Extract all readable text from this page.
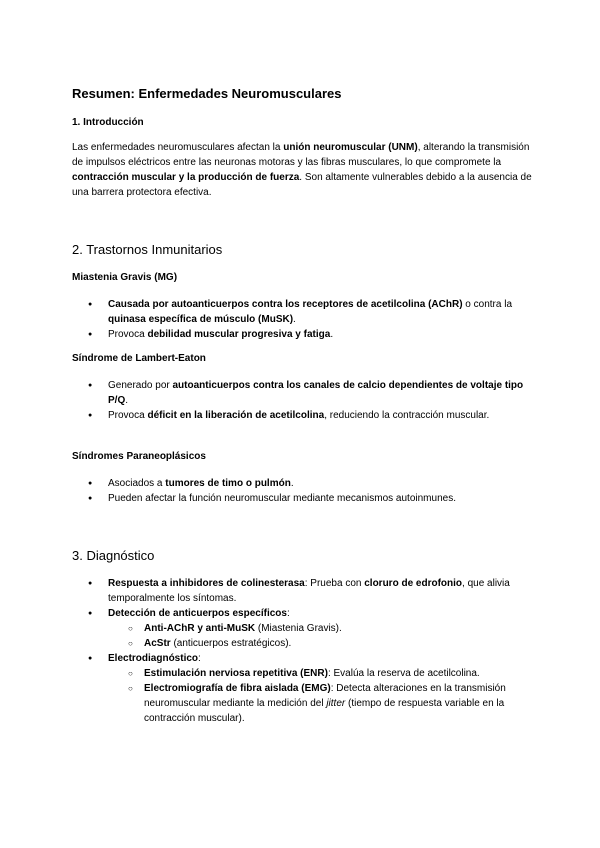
Resumen: Enfermedades Neuromusculares
1. Introducción

Las enfermedades neuromusculares afectan la unión neuromuscular (UNM), alterando la transmisión de impulsos eléctricos entre las neuronas motoras y las fibras musculares, lo que compromete la contracción muscular y la producción de fuerza. Son altamente vulnerables debido a la ausencia de una barrera protectora efectiva.

2. Trastornos Inmunitarios
Miastenia Gravis (MG)
● Causada por autoanticuerpos contra los receptores de acetilcolina (AChR) o contra la quinasa específica de músculo (MuSK).
● Provoca debilidad muscular progresiva y fatiga.
Síndrome de Lambert-Eaton
● Generado por autoanticuerpos contra los canales de calcio dependientes de voltaje tipo P/Q.
● Provoca déficit en la liberación de acetilcolina, reduciendo la contracción muscular.
Síndromes Paraneoplásicos
● Asociados a tumores de timo o pulmón.
● Pueden afectar la función neuromuscular mediante mecanismos autoinmunes.
3. Diagnóstico
● Respuesta a inhibidores de colinesterasa: Prueba con cloruro de edrofonio, que alivia temporalmente los síntomas.
● Detección de anticuerpos específicos:
○ Anti-AChR y anti-MuSK (Miastenia Gravis).
○ AcStr (anticuerpos estratégicos).
● Electrodiagnóstico:
○ Estimulación nerviosa repetitiva (ENR): Evalúa la reserva de acetilcolina.
○ Electromiografía de fibra aislada (EMG): Detecta alteraciones en la transmisión neuromuscular mediante la medición del jitter (tiempo de respuesta variable en la contracción muscular).
